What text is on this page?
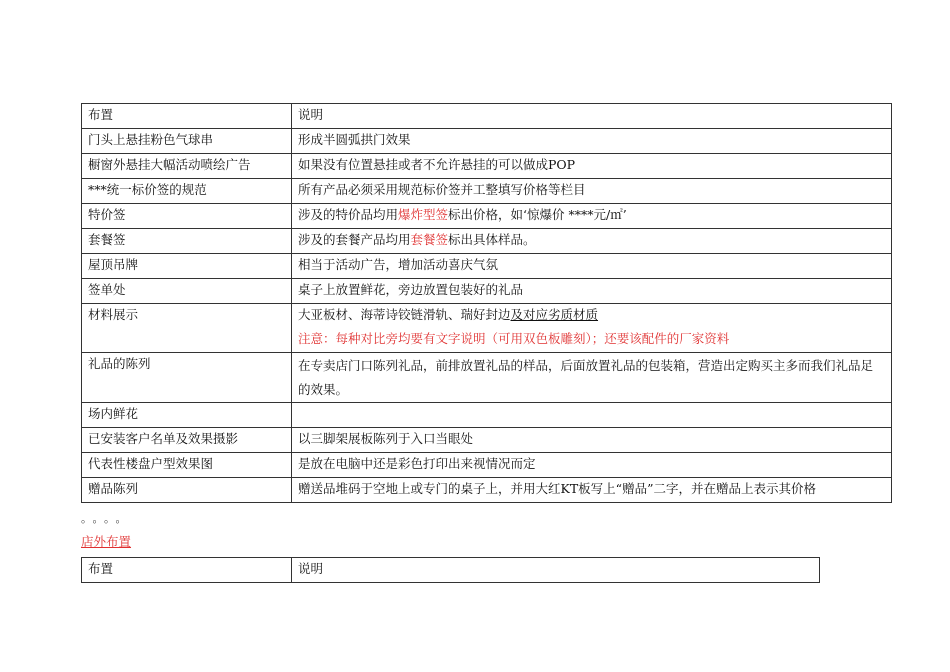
布置	说明
门头上悬挂粉色气球串	形成半圆弧拱门效果
橱窗外悬挂大幅活动喷绘广告	如果没有位置悬挂或者不允许悬挂的可以做成POP
***统一标价签的规范	所有产品必须采用规范标价签并工整填写价格等栏目
特价签	涉及的特价品均用爆炸型签标出价格，如‘惊爆价 ****元/㎡’
套餐签	涉及的套餐产品均用套餐签标出具体样品。
屋顶吊牌	相当于活动广告，增加活动喜庆气氛
签单处	桌子上放置鲜花，旁边放置包装好的礼品
材料展示	大亚板材、海蒂诗铰链滑轨、瑞好封边及对应劣质材质
注意：每种对比旁均要有文字说明（可用双色板雕刻）；还要该配件的厂家资料

礼品的陈列	在专卖店门口陈列礼品，前排放置礼品的样品，后面放置礼品的包装箱，营造出定购买主多而我们礼品足的效果。
场内鲜花	
已安装客户名单及效果摄影	以三脚架展板陈列于入口当眼处
代表性楼盘户型效果图	是放在电脑中还是彩色打印出来视情况而定
赠品陈列	赠送品堆码于空地上或专门的桌子上，并用大红KT板写上“赠品”二字，并在赠品上表示其价格
。。。。
店外布置
布置	说明
